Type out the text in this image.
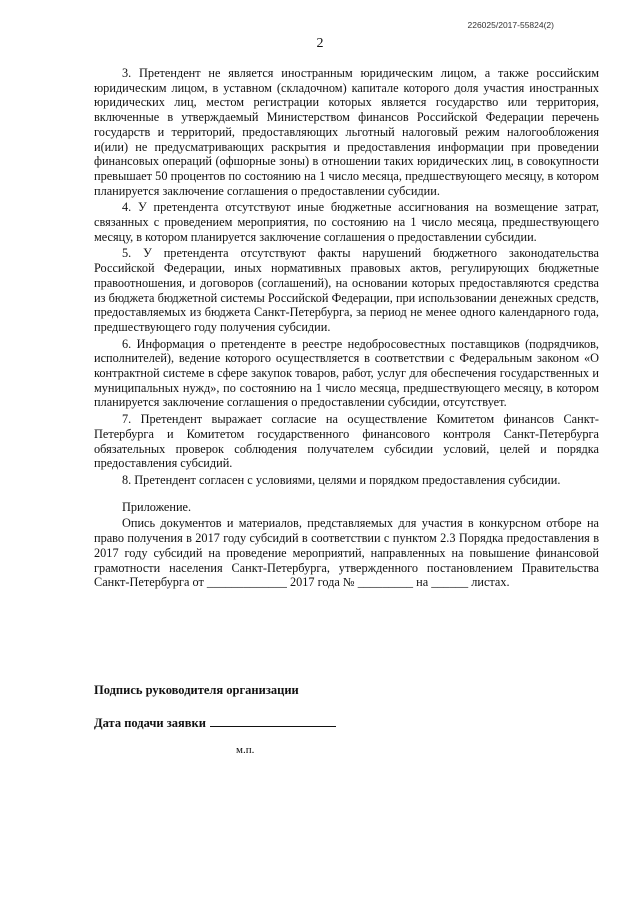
226025/2017-55824(2)
2

3. Претендент не является иностранным юридическим лицом, а также российским юридическим лицом, в уставном (складочном) капитале которого доля участия иностранных юридических лиц, местом регистрации которых является государство или территория, включенные в утверждаемый Министерством финансов Российской Федерации перечень государств и территорий, предоставляющих льготный налоговый режим налогообложения и(или) не предусматривающих раскрытия и предоставления информации при проведении финансовых операций (офшорные зоны) в отношении таких юридических лиц, в совокупности превышает 50 процентов по состоянию на 1 число месяца, предшествующего месяцу, в котором планируется заключение соглашения о предоставлении субсидии.

4. У претендента отсутствуют иные бюджетные ассигнования на возмещение затрат, связанных с проведением мероприятия, по состоянию на 1 число месяца, предшествующего месяцу, в котором планируется заключение соглашения о предоставлении субсидии.

5. У претендента отсутствуют факты нарушений бюджетного законодательства Российской Федерации, иных нормативных правовых актов, регулирующих бюджетные правоотношения, и договоров (соглашений), на основании которых предоставляются средства из бюджета бюджетной системы Российской Федерации, при использовании денежных средств, предоставляемых из бюджета Санкт-Петербурга, за период не менее одного календарного года, предшествующего году получения субсидии.

6. Информация о претенденте в реестре недобросовестных поставщиков (подрядчиков, исполнителей), ведение которого осуществляется в соответствии с Федеральным законом «О контрактной системе в сфере закупок товаров, работ, услуг для обеспечения государственных и муниципальных нужд», по состоянию на 1 число месяца, предшествующего месяцу, в котором планируется заключение соглашения о предоставлении субсидии, отсутствует.

7. Претендент выражает согласие на осуществление Комитетом финансов Санкт-Петербурга и Комитетом государственного финансового контроля Санкт-Петербурга обязательных проверок соблюдения получателем субсидии условий, целей и порядка предоставления субсидий.

8. Претендент согласен с условиями, целями и порядком предоставления субсидии.

Приложение.

Опись документов и материалов, представляемых для участия в конкурсном отборе на право получения в 2017 году субсидий в соответствии с пунктом 2.3 Порядка предоставления в 2017 году субсидий на проведение мероприятий, направленных на повышение финансовой грамотности населения Санкт-Петербурга, утвержденного постановлением Правительства Санкт-Петербурга от _____________ 2017 года № _________ на ______ листах.

Подпись руководителя организации
Дата подачи заявки
м.п.
